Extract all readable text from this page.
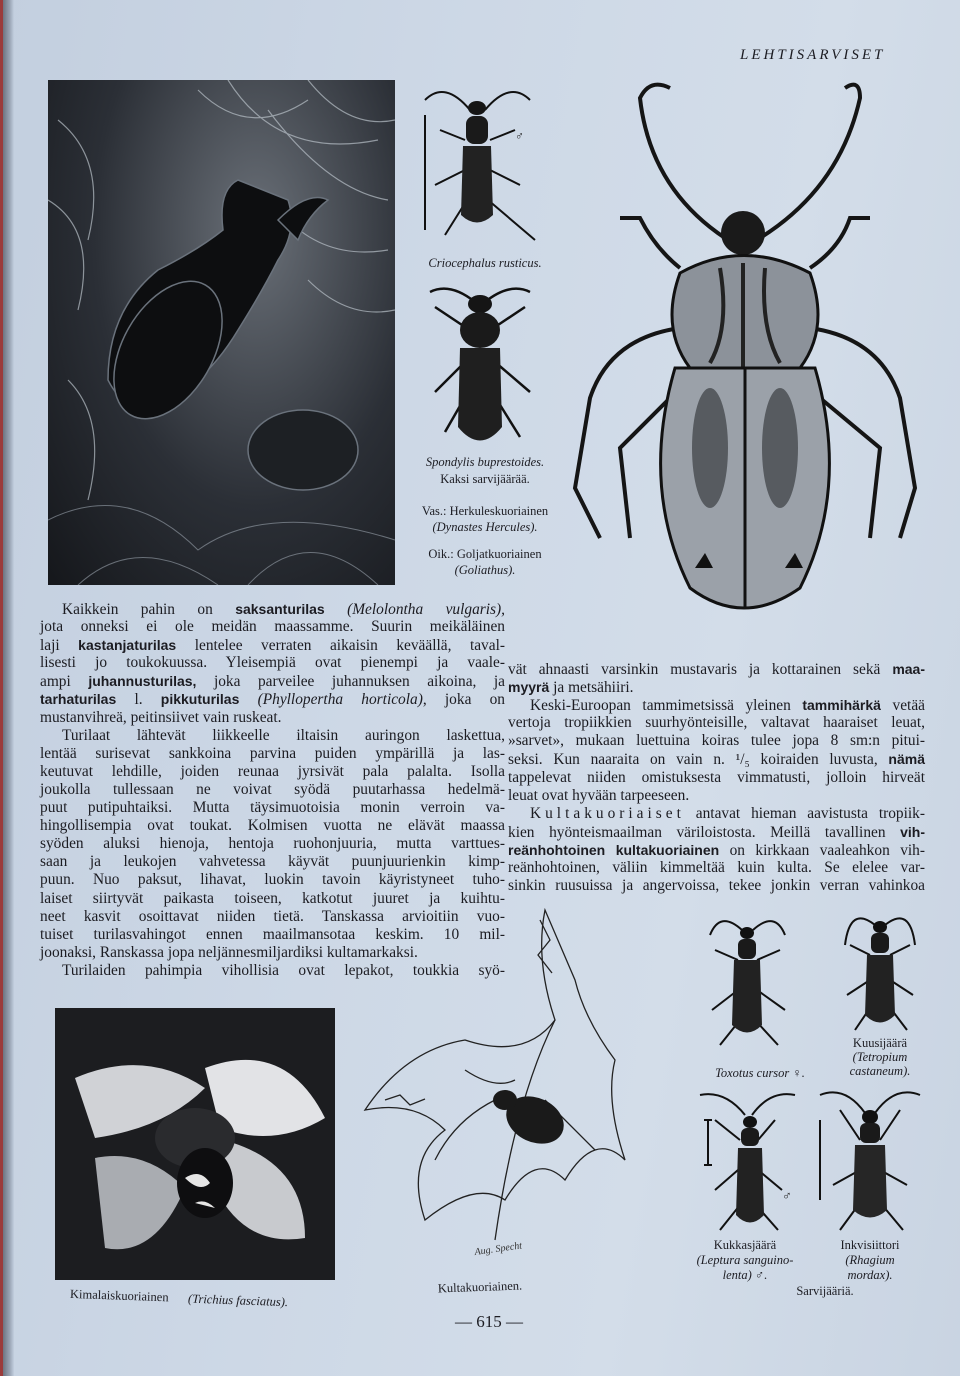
LEHTISARVISET
♂
Criocephalus rusticus.
Spondylis buprestoides.
Kaksi sarvijäärää.
Vas.: Herkuleskuoriainen
(Dynastes Hercules).
Oik.: Goljatkuoriainen
(Goliathus).
Kaikkein pahin on saksanturilas (Melolontha vulgaris),
jota onneksi ei ole meidän maassamme. Suurin meikäläinen
laji kastanjaturilas lentelee verraten aikaisin keväällä, taval-
lisesti jo toukokuussa. Yleisempiä ovat pienempi ja vaale-
ampi juhannusturilas, joka parveilee juhannuksen aikoina, ja
tarhaturilas l. pikkuturilas (Phyllopertha horticola), joka on
mustanvihreä, peitinsiivet vain ruskeat.
Turilaat lähtevät liikkeelle iltaisin auringon laskettua,
lentää surisevat sankkoina parvina puiden ympärillä ja las-
keutuvat lehdille, joiden reunaa jyrsivät pala palalta. Isolla
joukolla tullessaan ne voivat syödä puutarhassa hedelmä-
puut putipuhtaiksi. Mutta täysimuotoisia monin verroin va-
hingollisempia ovat toukat. Kolmisen vuotta ne elävät maassa
syöden aluksi hienoja, hentoja ruohonjuuria, mutta varttues-
saan ja leukojen vahvetessa käyvät puunjuurienkin kimp-
puun. Nuo paksut, lihavat, luokin tavoin käyristyneet tuho-
laiset siirtyvät paikasta toiseen, katkotut juuret ja kuihtu-
neet kasvit osoittavat niiden tietä. Tanskassa arvioitiin vuo-
tuiset turilasvahingot ennen maailmansotaa keskim. 10 mil-
joonaksi, Ranskassa jopa neljännesmiljardiksi kultamarkaksi.
Turilaiden pahimpia vihollisia ovat lepakot, toukkia syö-
vät ahnaasti varsinkin mustavaris ja kottarainen sekä maa-
myyrä ja metsähiiri.
Keski-Euroopan tammimetsissä yleinen tammihärkä vetää
vertoja tropiikkien suurhyönteisille, valtavat haaraiset leuat,
»sarvet», mukaan luettuina koiras tulee jopa 8 sm:n pitui-
seksi. Kun naaraita on vain n. ¹/₅ koiraiden luvusta, nämä
tappelevat niiden omistuksesta vimmatusti, jolloin hirveät
leuat ovat hyvään tarpeeseen.
Kultakuoriaiset antavat hieman aavistusta tropiik-
kien hyönteismaailman väriloistosta. Meillä tavallinen vih-
reänhohtoinen kultakuoriainen on kirkkaan vaaleahkon vih-
reänhohtoinen, väliin kimmeltää kuin kulta. Se elelee var-
sinkin ruusuissa ja angervoissa, tekee jonkin verran vahinkoa
Kimalaiskuoriainen	(Trichius fasciatus).
Aug. Specht
Kultakuoriainen.
Toxotus cursor ♀.
Kuusijäärä
(Tetropium
castaneum).
♂
Kukkasjäärä
(Leptura sanguino-
lenta) ♂.
Inkvisiittori
(Rhagium
mordax).
Sarvijääriä.
— 615 —
